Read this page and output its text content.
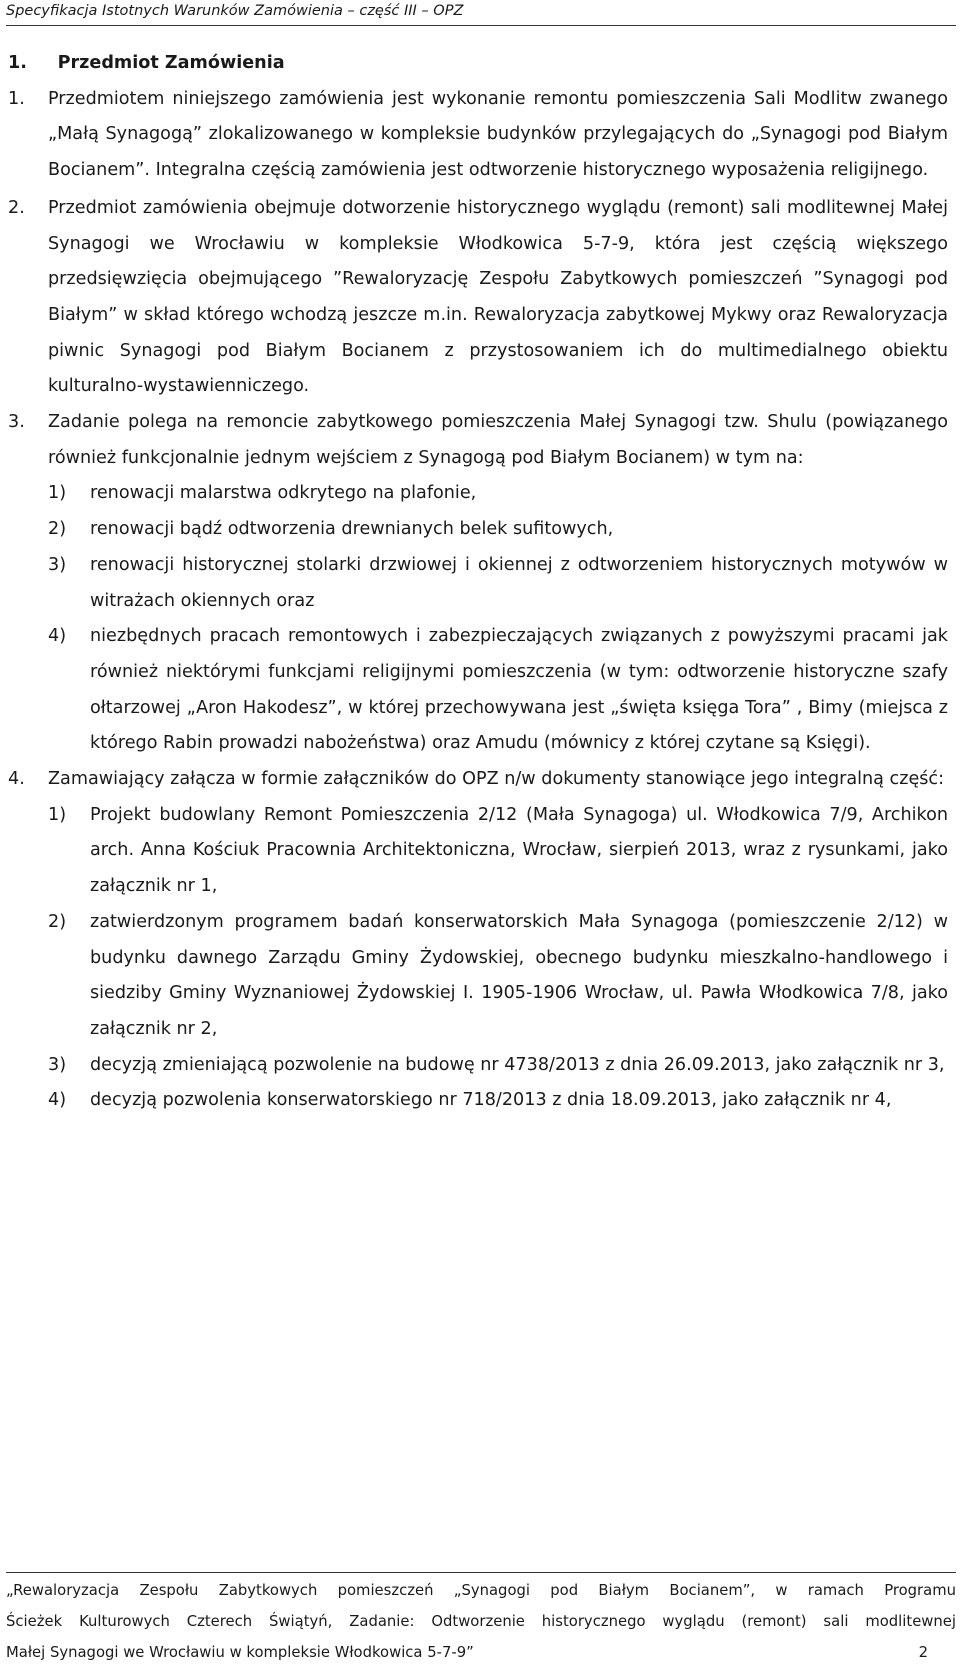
Specyfikacja Istotnych Warunków Zamówienia – część III – OPZ
1. Przedmiot Zamówienia
1. Przedmiotem niniejszego zamówienia jest wykonanie remontu pomieszczenia Sali Modlitw zwanego „Małą Synagogą” zlokalizowanego w kompleksie budynków przylegających do „Synagogi pod Białym Bocianem”. Integralna częścią zamówienia jest odtworzenie historycznego wyposażenia religijnego.
2. Przedmiot zamówienia obejmuje dotworzenie historycznego wyglądu (remont) sali modlitewnej Małej Synagogi we Wrocławiu w kompleksie Włodkowica 5-7-9, która jest częścią większego przedsięwzięcia obejmującego ”Rewaloryzację Zespołu Zabytkowych pomieszczeń ”Synagogi pod Białym” w skład którego wchodzą jeszcze m.in. Rewaloryzacja zabytkowej Mykwy oraz Rewaloryzacja piwnic Synagogi pod Białym Bocianem z przystosowaniem ich do multimedialnego obiektu kulturalno-wystawienniczego.
3. Zadanie polega na remoncie zabytkowego pomieszczenia Małej Synagogi tzw. Shulu (powiązanego również funkcjonalnie jednym wejściem z Synagogą pod Białym Bocianem) w tym na:
1) renowacji malarstwa odkrytego na plafonie,
2) renowacji bądź odtworzenia drewnianych belek sufitowych,
3) renowacji historycznej stolarki drzwiowej i okiennej z odtworzeniem historycznych motywów w witrażach okiennych oraz
4) niezbędnych pracach remontowych i zabezpieczających związanych z powyższymi pracami jak również niektórymi funkcjami religijnymi pomieszczenia (w tym: odtworzenie historyczne szafy ołtarzowej „Aron Hakodesz”, w której przechowywana jest „święta księga Tora” , Bimy (miejsca z którego Rabin prowadzi nabożeństwa) oraz Amudu (mównicy z której czytane są Księgi).
4. Zamawiający załącza w formie załączników do OPZ n/w dokumenty stanowiące jego integralną część:
1) Projekt budowlany Remont Pomieszczenia 2/12 (Mała Synagoga) ul. Włodkowica 7/9, Archikon arch. Anna Kościuk Pracownia Architektoniczna, Wrocław, sierpień 2013, wraz z rysunkami, jako załącznik nr 1,
2) zatwierdzonym programem badań konserwatorskich Mała Synagoga (pomieszczenie 2/12) w budynku dawnego Zarządu Gminy Żydowskiej, obecnego budynku mieszkalno-handlowego i siedziby Gminy Wyznaniowej Żydowskiej I. 1905-1906 Wrocław, ul. Pawła Włodkowica 7/8, jako załącznik nr 2,
3) decyzją zmieniającą pozwolenie na budowę nr 4738/2013 z dnia 26.09.2013, jako załącznik nr 3,
4) decyzją pozwolenia konserwatorskiego nr 718/2013 z dnia 18.09.2013, jako załącznik nr 4,
„Rewaloryzacja Zespołu Zabytkowych pomieszczeń „Synagogi pod Białym Bocianem”, w ramach Programu
Ścieżek Kulturowych Czterech Świątyń, Zadanie: Odtworzenie historycznego wyglądu (remont) sali modlitewnej
Małej Synagogi we Wrocławiu w kompleksie Włodkowica 5-7-9”	2
